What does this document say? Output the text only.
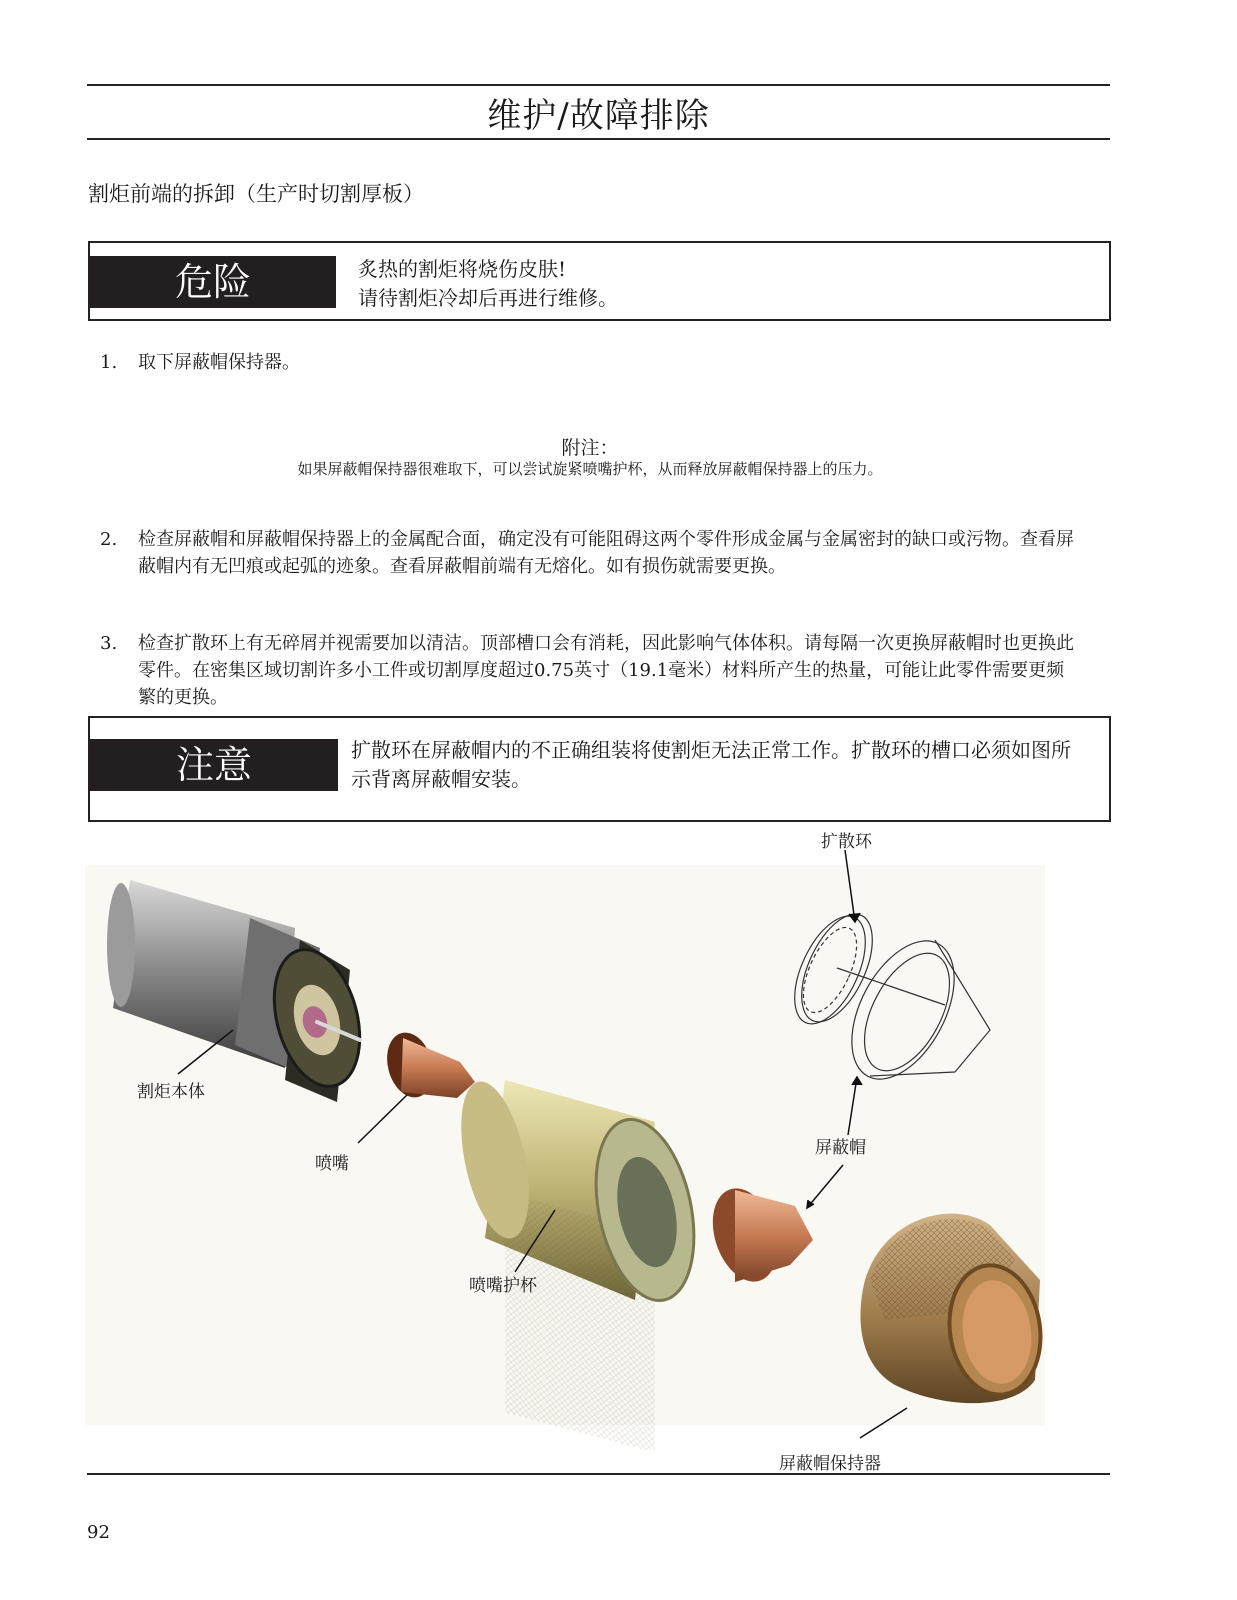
维护/故障排除
割炬前端的拆卸（生产时切割厚板）
危险	炙热的割炬将烧伤皮肤!
请待割炬冷却后再进行维修。
1. 取下屏蔽帽保持器。
附注：
如果屏蔽帽保持器很难取下，可以尝试旋紧喷嘴护杯，从而释放屏蔽帽保持器上的压力。
2. 检查屏蔽帽和屏蔽帽保持器上的金属配合面，确定没有可能阻碍这两个零件形成金属与金属密封的缺口或污物。查看屏蔽帽内有无凹痕或起弧的迹象。查看屏蔽帽前端有无熔化。如有损伤就需要更换。
3. 检查扩散环上有无碎屑并视需要加以清洁。顶部槽口会有消耗，因此影响气体体积。请每隔一次更换屏蔽帽时也更换此零件。在密集区域切割许多小工件或切割厚度超过0.75英寸（19.1毫米）材料所产生的热量，可能让此零件需要更频繁的更换。
注意	扩散环在屏蔽帽内的不正确组装将使割炬无法正常工作。扩散环的槽口必须如图所示背离屏蔽帽安装。
扩散环
割炬本体
喷嘴
屏蔽帽
喷嘴护杯
屏蔽帽保持器
92
